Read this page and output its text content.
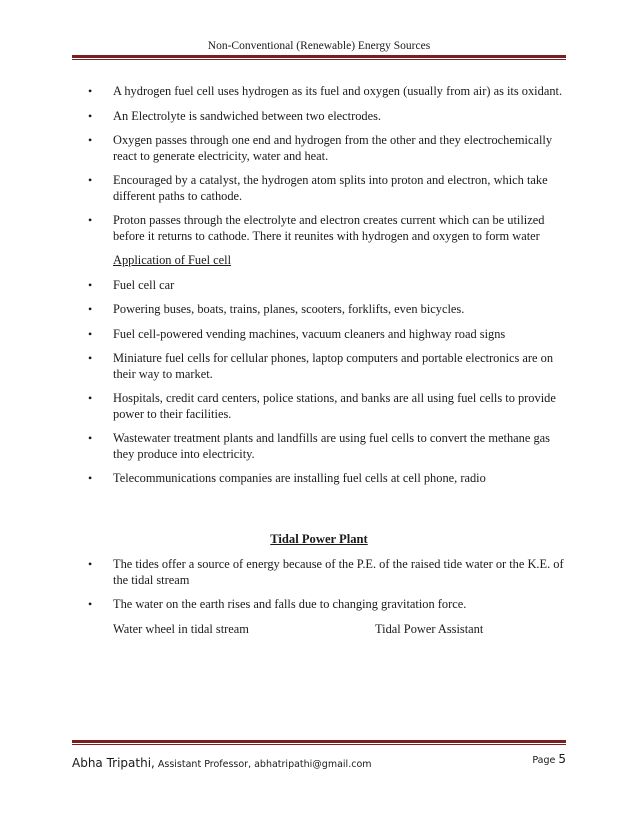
Non-Conventional (Renewable) Energy Sources
• A hydrogen fuel cell uses hydrogen as its fuel and oxygen (usually from air) as its oxidant.
• An Electrolyte is sandwiched between two electrodes.
• Oxygen passes through one end and hydrogen from the other and they electrochemically react to generate electricity, water and heat.
• Encouraged by a catalyst, the hydrogen atom splits into proton and electron, which take different paths to cathode.
• Proton passes through the electrolyte and electron creates current which can be utilized before it returns to cathode. There it reunites with hydrogen and oxygen to form water
Application of Fuel cell
• Fuel cell car
• Powering buses, boats, trains, planes, scooters, forklifts, even bicycles.
• Fuel cell-powered vending machines, vacuum cleaners and highway road signs
• Miniature fuel cells for cellular phones, laptop computers and portable electronics are on their way to market.
• Hospitals, credit card centers, police stations, and banks are all using fuel cells to provide power to their facilities.
• Wastewater treatment plants and landfills are using fuel cells to convert the methane gas they produce into electricity.
• Telecommunications companies are installing fuel cells at cell phone, radio
Tidal Power Plant
• The tides offer a source of energy because of the P.E. of the raised tide water or the K.E. of the tidal stream
• The water on the earth rises and falls due to changing gravitation force.
Water wheel in tidal stream	Tidal Power Assistant
Abha Tripathi, Assistant Professor, abhatripathi@gmail.com	Page 5
